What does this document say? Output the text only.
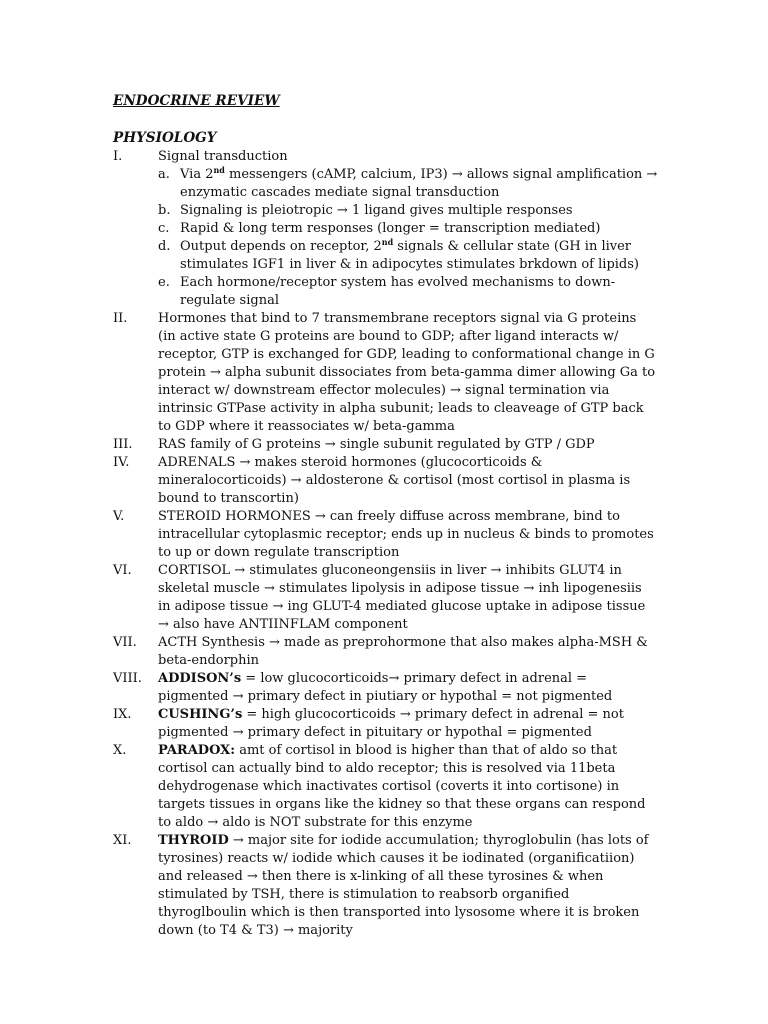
ENDOCRINE REVIEW
PHYSIOLOGY
I.	Signal transduction
a. Via 2nd messengers (cAMP, calcium, IP3) → allows signal amplification → enzymatic cascades mediate signal transduction
b. Signaling is pleiotropic → 1 ligand gives multiple responses
c. Rapid & long term responses (longer = transcription mediated)
d. Output depends on receptor, 2nd signals & cellular state (GH in liver stimulates IGF1 in liver & in adipocytes stimulates brkdown of lipids)
e. Each hormone/receptor system has evolved mechanisms to down-regulate signal
II.	Hormones that bind to 7 transmembrane receptors signal via G proteins (in active state G proteins are bound to GDP; after ligand interacts w/ receptor, GTP is exchanged for GDP, leading to conformational change in G protein → alpha subunit dissociates from beta-gamma dimer allowing Ga to interact w/ downstream effector molecules) → signal termination via intrinsic GTPase activity in alpha subunit; leads to cleaveage of GTP back to GDP where it reassociates w/ beta-gamma
III.	RAS family of G proteins → single subunit regulated by GTP / GDP
IV.	ADRENALS → makes steroid hormones (glucocorticoids & mineralocorticoids) → aldosterone & cortisol (most cortisol in plasma is bound to transcortin)
V.	STEROID HORMONES → can freely diffuse across membrane, bind to intracellular cytoplasmic receptor; ends up in nucleus & binds to promotes to up or down regulate transcription
VI.	CORTISOL → stimulates gluconeongensiis in liver → inhibits GLUT4 in skeletal muscle → stimulates lipolysis in adipose tissue → inh lipogenesiis in adipose tissue → ing GLUT-4 mediated glucose uptake in adipose tissue → also have ANTIINFLAM component
VII.	ACTH Synthesis → made as preprohormone that also makes alpha-MSH & beta-endorphin
VIII.	ADDISON’s = low glucocorticoids→ primary defect in adrenal = pigmented → primary defect in piutiary or hypothal = not pigmented
IX.	CUSHING’s = high glucocorticoids → primary defect in adrenal = not pigmented → primary defect in pituitary or hypothal = pigmented
X.	PARADOX: amt of cortisol in blood is higher than that of aldo so that cortisol can actually bind to aldo receptor; this is resolved via 11beta dehydrogenase which inactivates cortisol (coverts it into cortisone) in targets tissues in organs like the kidney so that these organs can respond to aldo → aldo is NOT substrate for this enzyme
XI.	THYROID → major site for iodide accumulation; thyroglobulin (has lots of tyrosines) reacts w/ iodide which causes it be iodinated (organificatiion) and released → then there is x-linking of all these tyrosines & when stimulated by TSH, there is stimulation to reabsorb organified thyroglboulin which is then transported into lysosome where it is broken down (to T4 & T3) → majority
